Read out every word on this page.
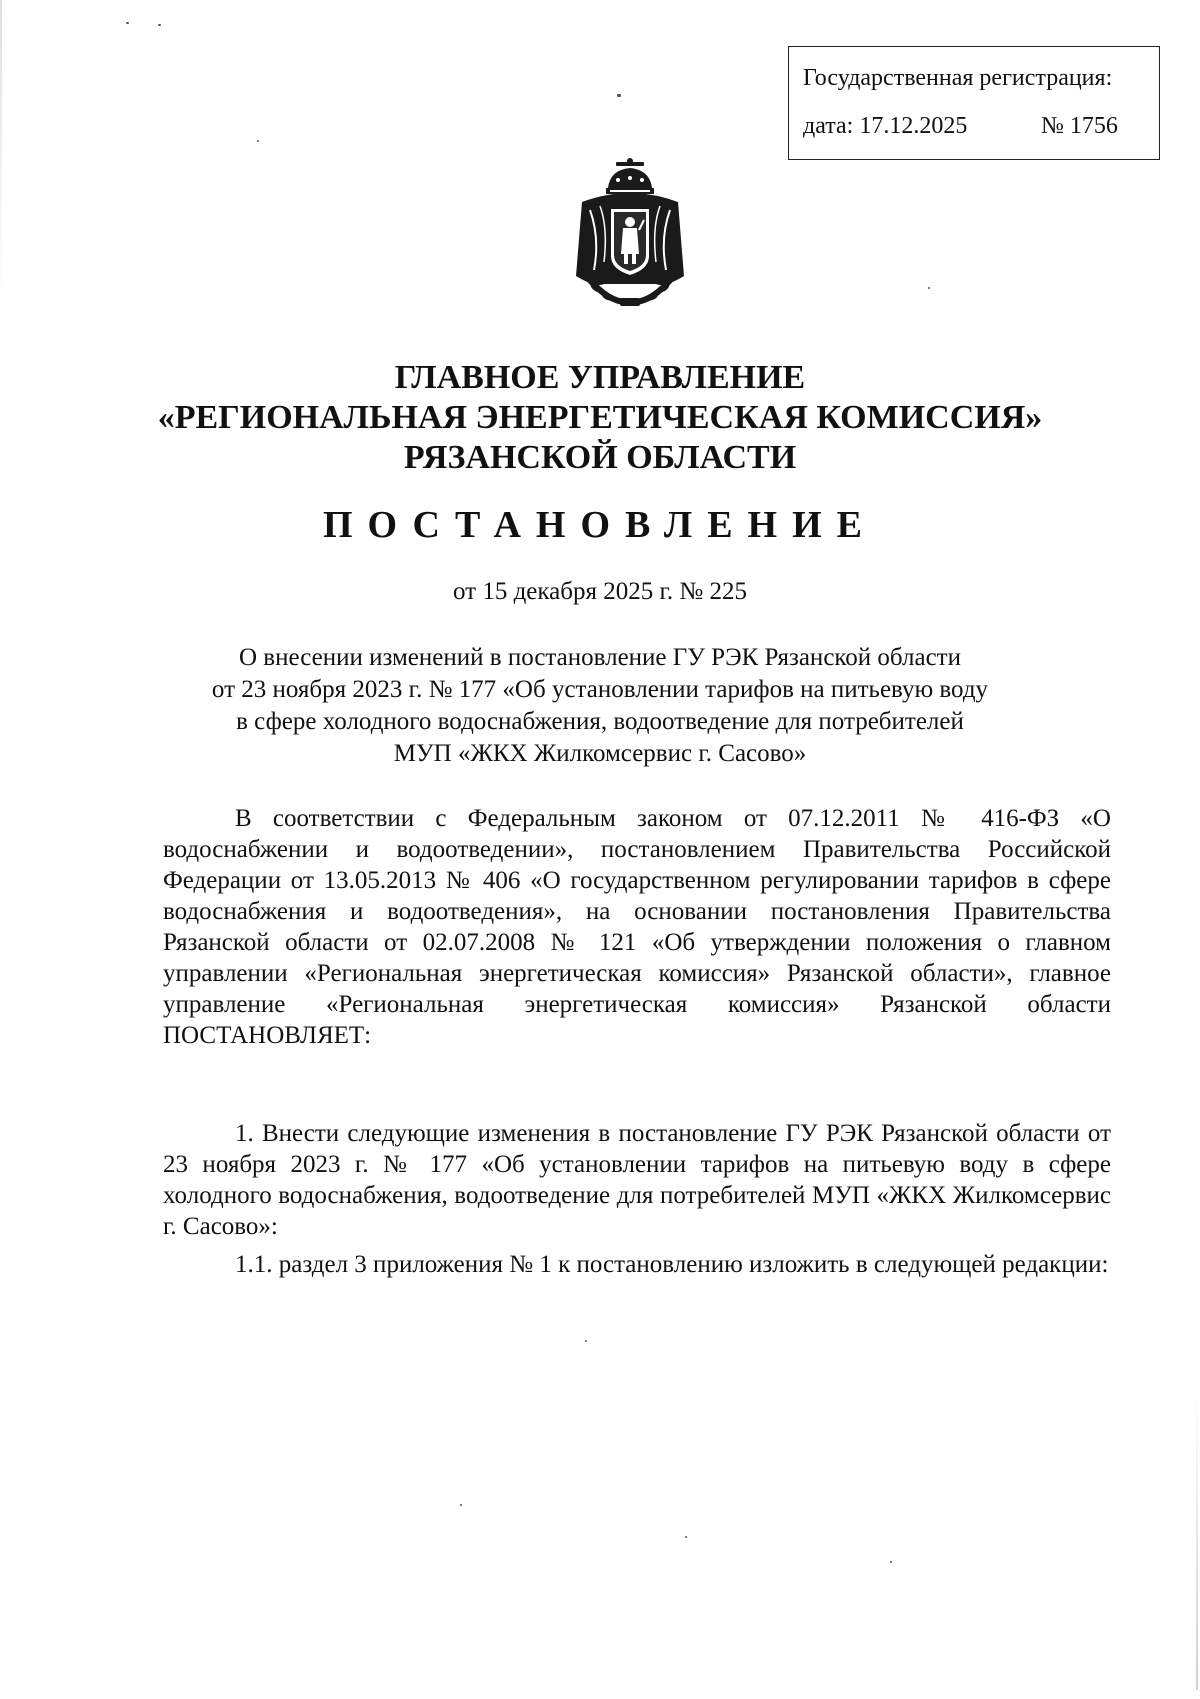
Государственная регистрация:
дата: 17.12.2025	№ 1756
ГЛАВНОЕ УПРАВЛЕНИЕ
«РЕГИОНАЛЬНАЯ ЭНЕРГЕТИЧЕСКАЯ КОМИССИЯ»
РЯЗАНСКОЙ ОБЛАСТИ
ПОСТАНОВЛЕНИЕ
от 15 декабря 2025 г. № 225
О внесении изменений в постановление ГУ РЭК Рязанской области
от 23 ноября 2023 г. № 177 «Об установлении тарифов на питьевую воду
в сфере холодного водоснабжения, водоотведение для потребителей
МУП «ЖКХ Жилкомсервис г. Сасово»
В соответствии с Федеральным законом от 07.12.2011 № 416-ФЗ «О водоснабжении и водоотведении», постановлением Правительства Российской Федерации от 13.05.2013 № 406 «О государственном регулировании тарифов в сфере водоснабжения и водоотведения», на основании постановления Правительства Рязанской области от 02.07.2008 № 121 «Об утверждении положения о главном управлении «Региональная энергетическая комиссия» Рязанской области», главное управление «Региональная энергетическая комиссия» Рязанской области ПОСТАНОВЛЯЕТ:
1. Внести следующие изменения в постановление ГУ РЭК Рязанской области от 23 ноября 2023 г. № 177 «Об установлении тарифов на питьевую воду в сфере холодного водоснабжения, водоотведение для потребителей МУП «ЖКХ Жилкомсервис г. Сасово»:
1.1. раздел 3 приложения № 1 к постановлению изложить в следующей редакции:
